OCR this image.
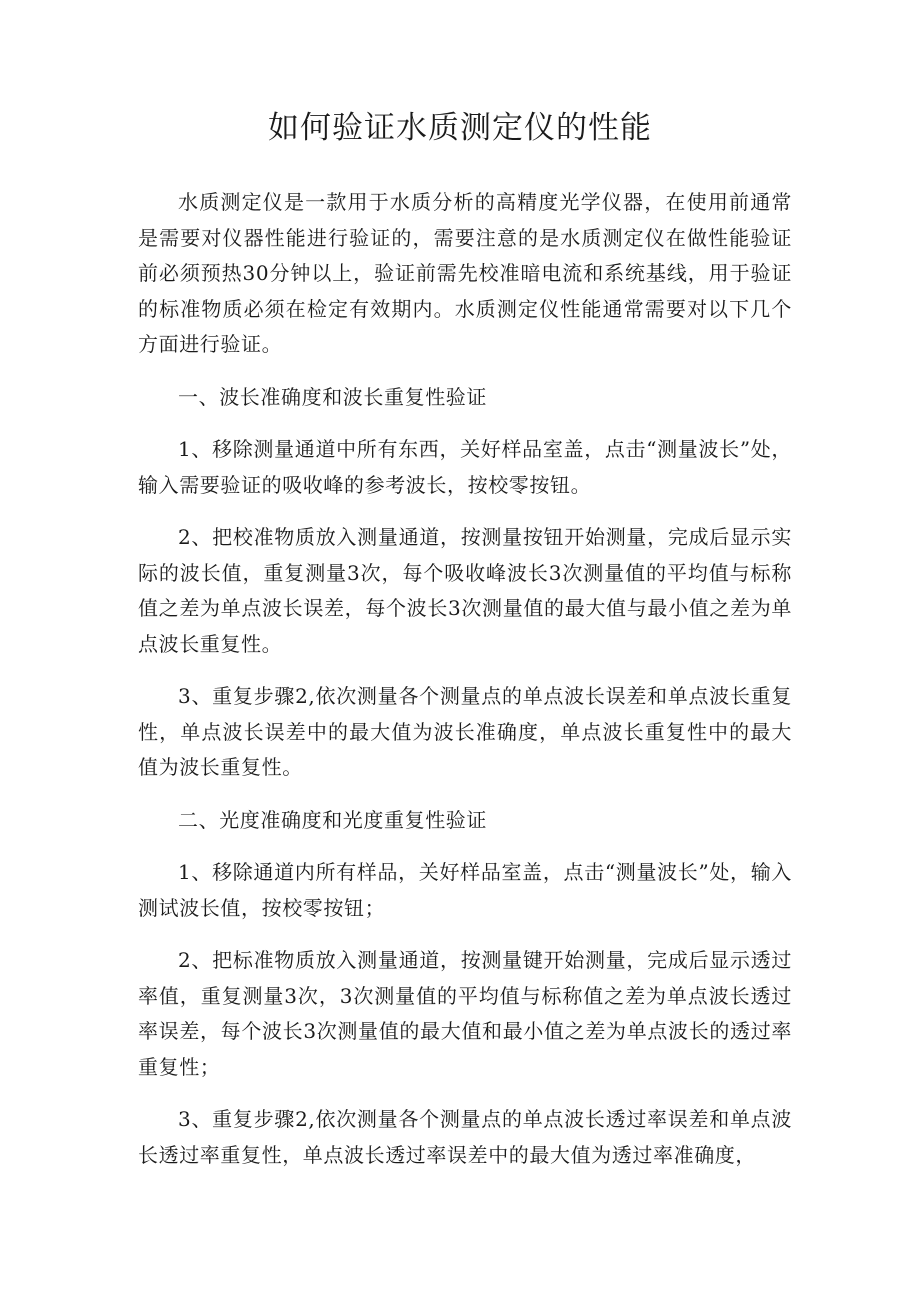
如何验证水质测定仪的性能

水质测定仪是一款用于水质分析的高精度光学仪器，在使用前通常是需要对仪器性能进行验证的，需要注意的是水质测定仪在做性能验证前必须预热30分钟以上，验证前需先校准暗电流和系统基线，用于验证的标准物质必须在检定有效期内。水质测定仪性能通常需要对以下几个方面进行验证。

一、波长准确度和波长重复性验证

1、移除测量通道中所有东西，关好样品室盖，点击“测量波长”处，输入需要验证的吸收峰的参考波长，按校零按钮。

2、把校准物质放入测量通道，按测量按钮开始测量，完成后显示实际的波长值，重复测量3次，每个吸收峰波长3次测量值的平均值与标称值之差为单点波长误差，每个波长3次测量值的最大值与最小值之差为单点波长重复性。

3、重复步骤2,依次测量各个测量点的单点波长误差和单点波长重复性，单点波长误差中的最大值为波长准确度，单点波长重复性中的最大值为波长重复性。

二、光度准确度和光度重复性验证

1、移除通道内所有样品，关好样品室盖，点击“测量波长”处，输入测试波长值，按校零按钮；

2、把标准物质放入测量通道，按测量键开始测量，完成后显示透过率值，重复测量3次，3次测量值的平均值与标称值之差为单点波长透过率误差，每个波长3次测量值的最大值和最小值之差为单点波长的透过率重复性；

3、重复步骤2,依次测量各个测量点的单点波长透过率误差和单点波长透过率重复性，单点波长透过率误差中的最大值为透过率准确度，
